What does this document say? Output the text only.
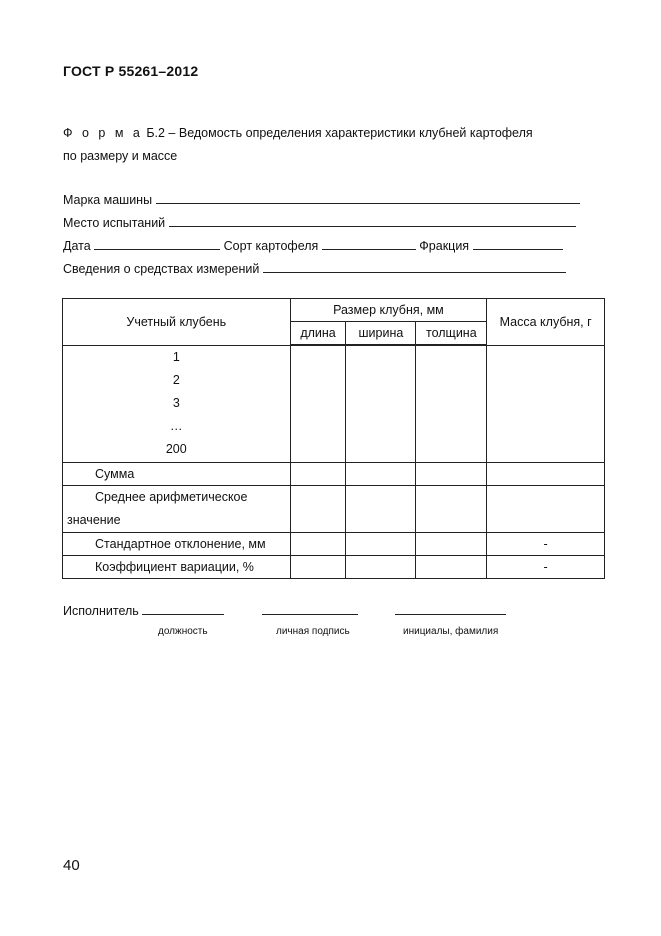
ГОСТ Р 55261–2012
Ф о р м а Б.2 – Ведомость определения характеристики клубней картофеля
по размеру и массе
Марка машины
Место испытаний
Дата	Сорт картофеля	Фракция
Сведения о средствах измерений
Учетный клубень	Размер клубня, мм			Масса клубня, г
	длина	ширина	толщина	

1
2
3
…
200				

Сумма				

Среднее арифметическое
значение				

Стандартное отклонение, мм				-
Коэффициент вариации, %				-
Исполнитель
должность	личная подпись	инициалы, фамилия
40
